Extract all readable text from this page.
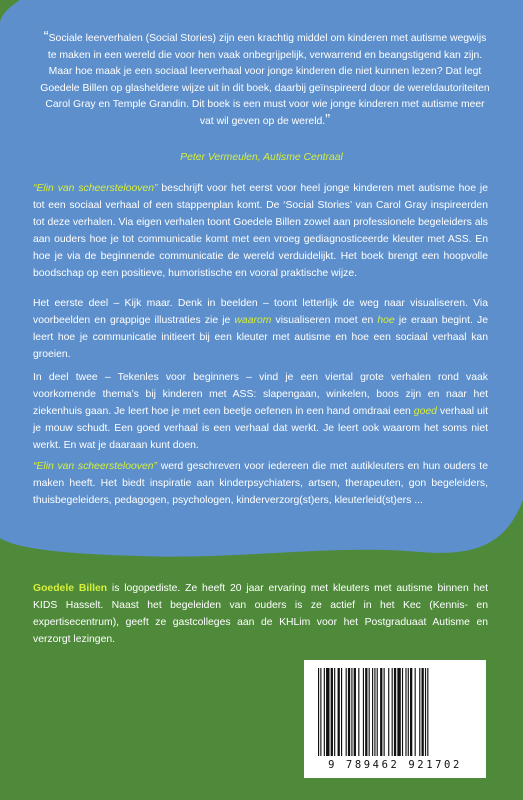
“Sociale leerverhalen (Social Stories) zijn een krachtig middel om kinderen met autisme wegwijs te maken in een wereld die voor hen vaak onbegrijpelijk, verwarrend en beangstigend kan zijn. Maar hoe maak je een sociaal leerverhaal voor jonge kinderen die niet kunnen lezen? Dat legt Goedele Billen op glasheldere wijze uit in dit boek, daarbij geïnspireerd door de wereldautoriteiten Carol Gray en Temple Grandin. Dit boek is een must voor wie jonge kinderen met autisme meer vat wil geven op de wereld.”
Peter Vermeulen, Autisme Centraal
“Elin van scheerstelooven” beschrijft voor het eerst voor heel jonge kinderen met autisme hoe je tot een sociaal verhaal of een stappenplan komt. De ‘Social Stories’ van Carol Gray inspireerden tot deze verhalen. Via eigen verhalen toont Goedele Billen zowel aan professionele begeleiders als aan ouders hoe je tot communicatie komt met een vroeg gediagnosticeerde kleuter met ASS. En hoe je via de beginnende communicatie de wereld verduidelijkt. Het boek brengt een hoopvolle boodschap op een positieve, humoristische en vooral praktische wijze.
Het eerste deel – Kijk maar. Denk in beelden – toont letterlijk de weg naar visualiseren. Via voorbeelden en grappige illustraties zie je waarom visualiseren moet en hoe je eraan begint. Je leert hoe je communicatie initieert bij een kleuter met autisme en hoe een sociaal verhaal kan groeien.
In deel twee – Tekenles voor beginners – vind je een viertal grote verhalen rond vaak voorkomende thema’s bij kinderen met ASS: slapengaan, winkelen, boos zijn en naar het ziekenhuis gaan. Je leert hoe je met een beetje oefenen in een hand omdraai een goed verhaal uit je mouw schudt. Een goed verhaal is een verhaal dat werkt. Je leert ook waarom het soms niet werkt. En wat je daaraan kunt doen.
“Elin van scheerstelooven” werd geschreven voor iedereen die met autikleuters en hun ouders te maken heeft. Het biedt inspiratie aan kinderpsychiaters, artsen, therapeuten, gon begeleiders, thuisbegeleiders, pedagogen, psychologen, kinderverzorg(st)ers, kleuterleid(st)ers ...
Goedele Billen is logopediste. Ze heeft 20 jaar ervaring met kleuters met autisme binnen het KIDS Hasselt. Naast het begeleiden van ouders is ze actief in het Kec (Kennis- en expertisecentrum), geeft ze gastcolleges aan de KHLim voor het Postgraduaat Autisme en verzorgt lezingen.
9 789462 921702
